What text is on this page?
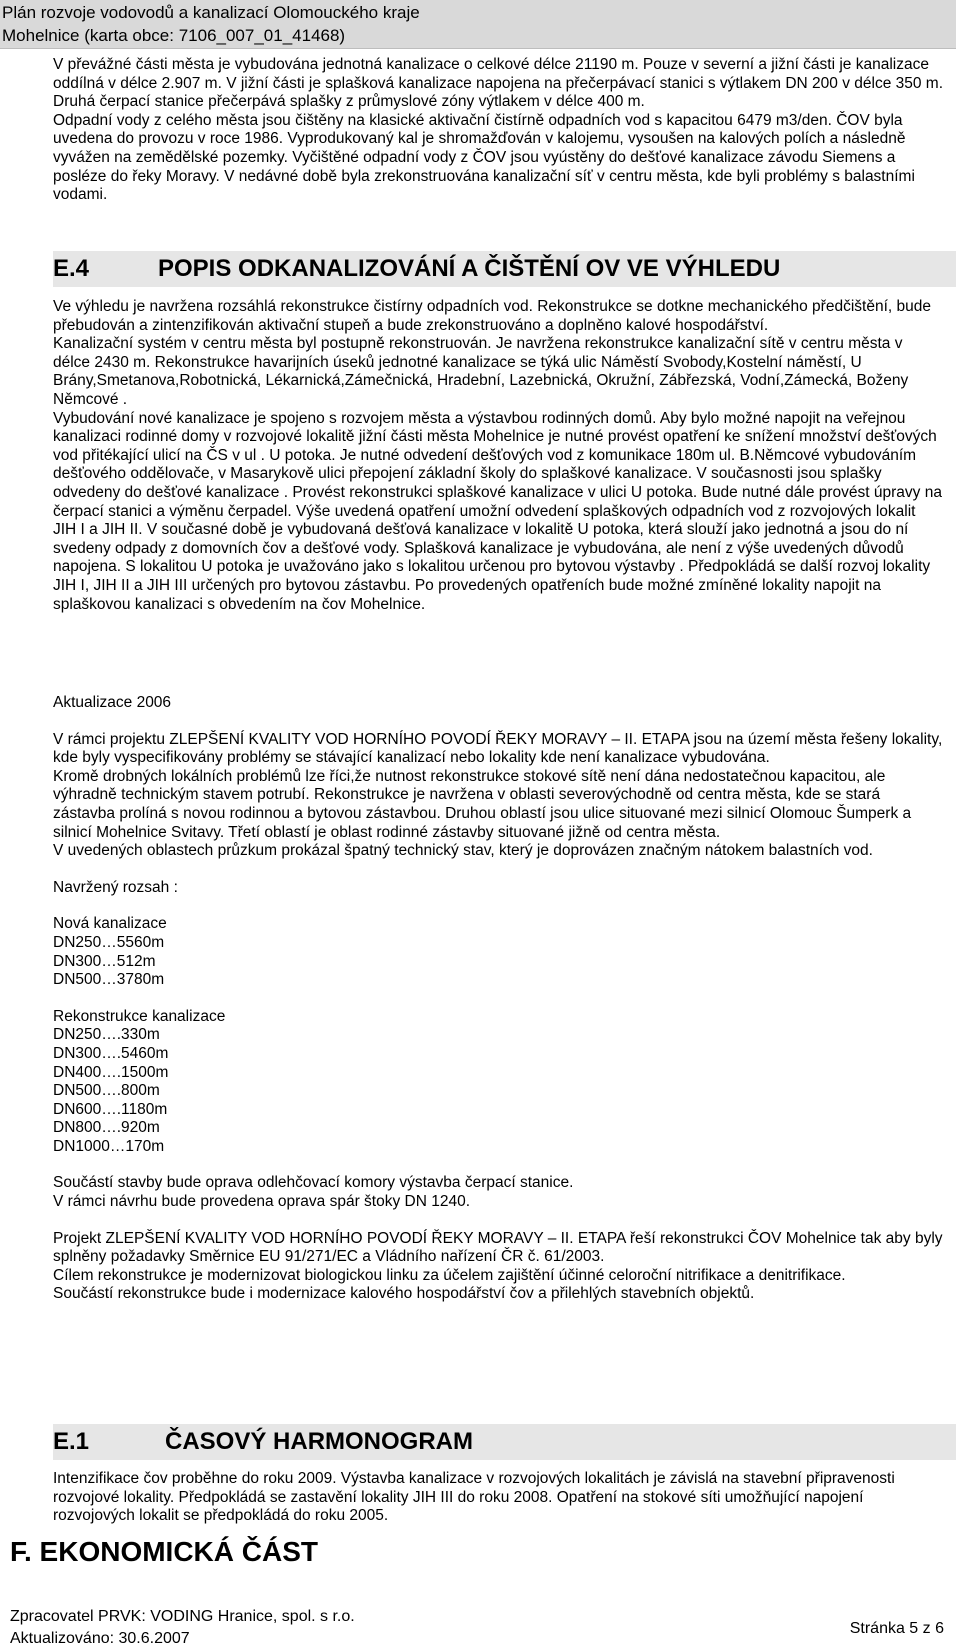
Plán rozvoje vodovodů a kanalizací Olomouckého kraje
Mohelnice (karta obce: 7106_007_01_41468)

V převážné části města je vybudována jednotná kanalizace o celkové délce 21190 m. Pouze v severní a jižní části je kanalizace oddílná v délce 2.907 m. V jižní části je splašková kanalizace napojena na přečerpávací stanici s výtlakem DN 200 v délce 350 m. Druhá čerpací stanice přečerpává splašky z průmyslové zóny výtlakem v délce 400 m.

Odpadní vody z celého města jsou čištěny na klasické aktivační čistírně odpadních vod s kapacitou 6479 m3/den. ČOV byla uvedena do provozu v roce 1986. Vyprodukovaný kal je shromažďován v kalojemu, vysoušen na kalových polích a následně vyvážen na zemědělské pozemky. Vyčištěné odpadní vody z ČOV jsou vyústěny do dešťové kanalizace závodu Siemens a posléze do řeky Moravy. V nedávné době byla zrekonstruována kanalizační síť v centru města, kde byli problémy s balastními vodami.

E.4	POPIS ODKANALIZOVÁNÍ A ČIŠTĚNÍ OV VE VÝHLEDU

Ve výhledu je navržena rozsáhlá rekonstrukce čistírny odpadních vod. Rekonstrukce se dotkne mechanického předčištění, bude přebudován a zintenzifikován aktivační stupeň a bude zrekonstruováno a doplněno kalové hospodářství.

Kanalizační systém v centru města byl postupně rekonstruován. Je navržena rekonstrukce kanalizační sítě v centru města v délce 2430 m. Rekonstrukce havarijních úseků jednotné kanalizace se týká ulic Náměstí Svobody,Kostelní náměstí, U Brány,Smetanova,Robotnická, Lékarnická,Zámečnická, Hradební, Lazebnická, Okružní, Zábřezská, Vodní,Zámecká, Boženy Němcové .

Vybudování nové kanalizace je spojeno s rozvojem města a výstavbou rodinných domů. Aby bylo možné napojit na veřejnou kanalizaci rodinné domy v rozvojové lokalitě jižní části města Mohelnice je nutné provést opatření ke snížení množství dešťových vod přitékající ulicí na ČS v ul . U potoka. Je nutné odvedení dešťových vod z komunikace 180m ul. B.Němcové vybudováním dešťového oddělovače, v Masarykově ulici přepojení základní školy do splaškové kanalizace. V současnosti jsou splašky odvedeny do dešťové kanalizace . Provést rekonstrukci splaškové kanalizace v ulici U potoka. Bude nutné dále provést úpravy na čerpací stanici a výměnu čerpadel. Výše uvedená opatření umožní odvedení splaškových odpadních vod z rozvojových lokalit JIH I a JIH II. V současné době je vybudovaná dešťová kanalizace v lokalitě U potoka, která slouží jako jednotná a jsou do ní svedeny odpady z domovních čov a dešťové vody. Splašková kanalizace je vybudována, ale není z výše uvedených důvodů napojena. S lokalitou U potoka je uvažováno jako s lokalitou určenou pro bytovou výstavby . Předpokládá se další rozvoj lokality JIH I, JIH II a JIH III určených pro bytovou zástavbu. Po provedených opatřeních bude možné zmíněné lokality napojit na splaškovou kanalizaci s obvedením na čov Mohelnice.

Aktualizace 2006

V rámci projektu ZLEPŠENÍ KVALITY VOD HORNÍHO POVODÍ ŘEKY MORAVY – II. ETAPA jsou na území města řešeny lokality, kde byly vyspecifikovány problémy se stávající kanalizací nebo lokality kde není kanalizace vybudována.

Kromě drobných lokálních problémů lze říci,že nutnost rekonstrukce stokové sítě není dána nedostatečnou kapacitou, ale výhradně technickým stavem potrubí. Rekonstrukce je navržena v oblasti severovýchodně od centra města, kde se stará zástavba prolíná s novou rodinnou a bytovou zástavbou. Druhou oblastí jsou ulice situované mezi silnicí Olomouc Šumperk a silnicí Mohelnice Svitavy. Třetí oblastí je oblast rodinné zástavby situované jižně od centra města.

V uvedených oblastech průzkum prokázal špatný technický stav, který je doprovázen značným nátokem balastních vod.

Navržený rozsah :

Nová kanalizace

DN250…5560m

DN300…512m

DN500…3780m

Rekonstrukce kanalizace

DN250….330m

DN300….5460m

DN400….1500m

DN500….800m

DN600….1180m

DN800….920m

DN1000…170m

Součástí stavby bude oprava odlehčovací komory výstavba čerpací stanice.

V rámci návrhu bude provedena oprava spár štoky DN 1240.

Projekt ZLEPŠENÍ KVALITY VOD HORNÍHO POVODÍ ŘEKY MORAVY – II. ETAPA řeší rekonstrukci ČOV Mohelnice tak aby byly splněny požadavky Směrnice EU 91/271/EC a Vládního nařízení ČR č. 61/2003.

Cílem rekonstrukce je modernizovat biologickou linku za účelem zajištění účinné celoroční nitrifikace a denitrifikace.

Součástí rekonstrukce bude i modernizace kalového hospodářství čov a přilehlých stavebních objektů.

E.1	ČASOVÝ HARMONOGRAM

Intenzifikace čov proběhne do roku 2009. Výstavba kanalizace v rozvojových lokalitách je závislá na stavební připravenosti rozvojové lokality. Předpokládá se zastavění lokality JIH III do roku 2008. Opatření na stokové síti umožňující napojení rozvojových lokalit se předpokládá do roku 2005.

F. EKONOMICKÁ ČÁST
Zpracovatel PRVK: VODING Hranice, spol. s r.o.
Aktualizováno: 30.6.2007
Stránka 5 z 6
